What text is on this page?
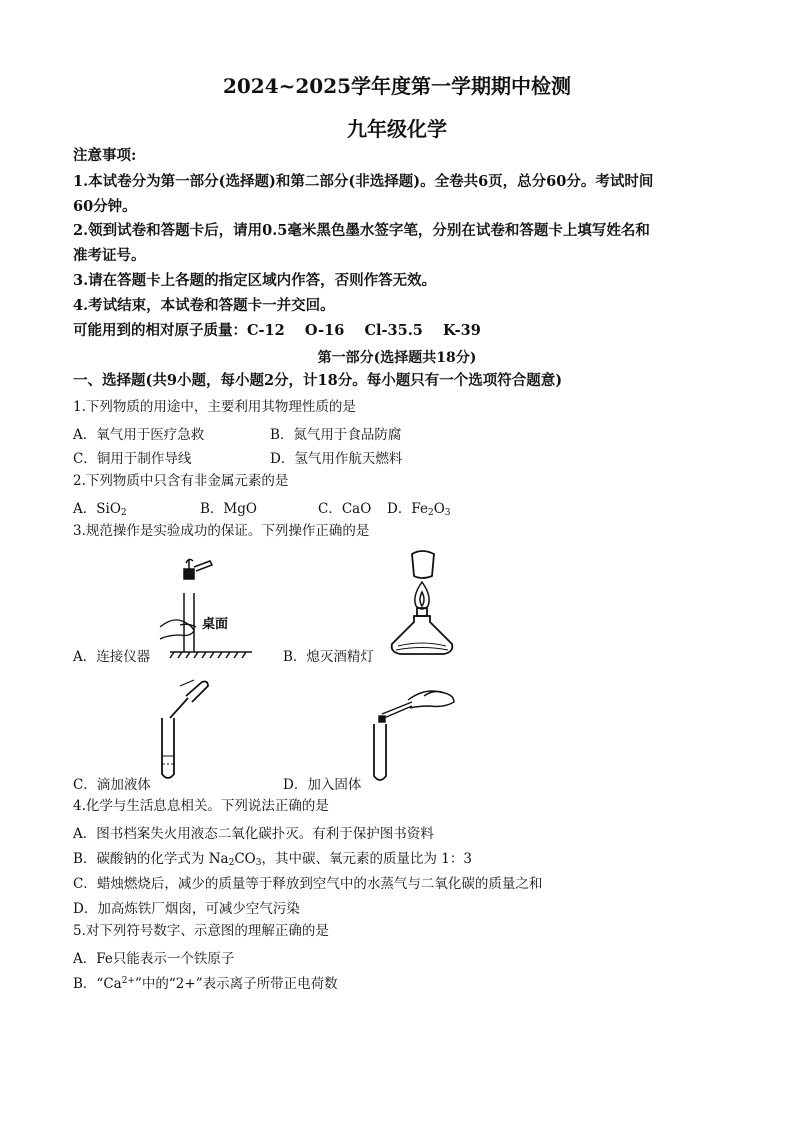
2024~2025学年度第一学期期中检测
九年级化学
注意事项:
1.本试卷分为第一部分(选择题)和第二部分(非选择题)。全卷共6页，总分60分。考试时间
60分钟。
2.领到试卷和答题卡后，请用0.5毫米黑色墨水签字笔，分别在试卷和答题卡上填写姓名和
准考证号。
3.请在答题卡上各题的指定区域内作答，否则作答无效。
4.考试结束，本试卷和答题卡一并交回。
可能用到的相对原子质量：C-12    O-16    Cl-35.5    K-39
第一部分(选择题共18分)
一、选择题(共9小题，每小题2分，计18分。每小题只有一个选项符合题意)
1.下列物质的用途中，主要利用其物理性质的是
A．氧气用于医疗急救	B．氮气用于食品防腐
C．铜用于制作导线	D．氢气用作航天燃料
2.下列物质中只含有非金属元素的是
A．SiO$_2$	B．MgO	C．CaO D．$Fe_2O_3$
3.规范操作是实验成功的保证。下列操作正确的是
桌面
A．连接仪器	B．熄灭酒精灯
C．滴加液体	D．加入固体
4.化学与生活息息相关。下列说法正确的是
A．图书档案失火用液态二氧化碳扑灭。有利于保护图书资料
B．碳酸钠的化学式为 $Na_2CO_3$，其中碳、氧元素的质量比为 1：3
C．蜡烛燃烧后，减少的质量等于释放到空气中的水蒸气与二氧化碳的质量之和
D．加高炼铁厂烟囱，可减少空气污染
5.对下列符号数字、示意图的理解正确的是
A．Fe只能表示一个铁原子
B．“$Ca^{2+}$”中的“2+”表示离子所带正电荷数
